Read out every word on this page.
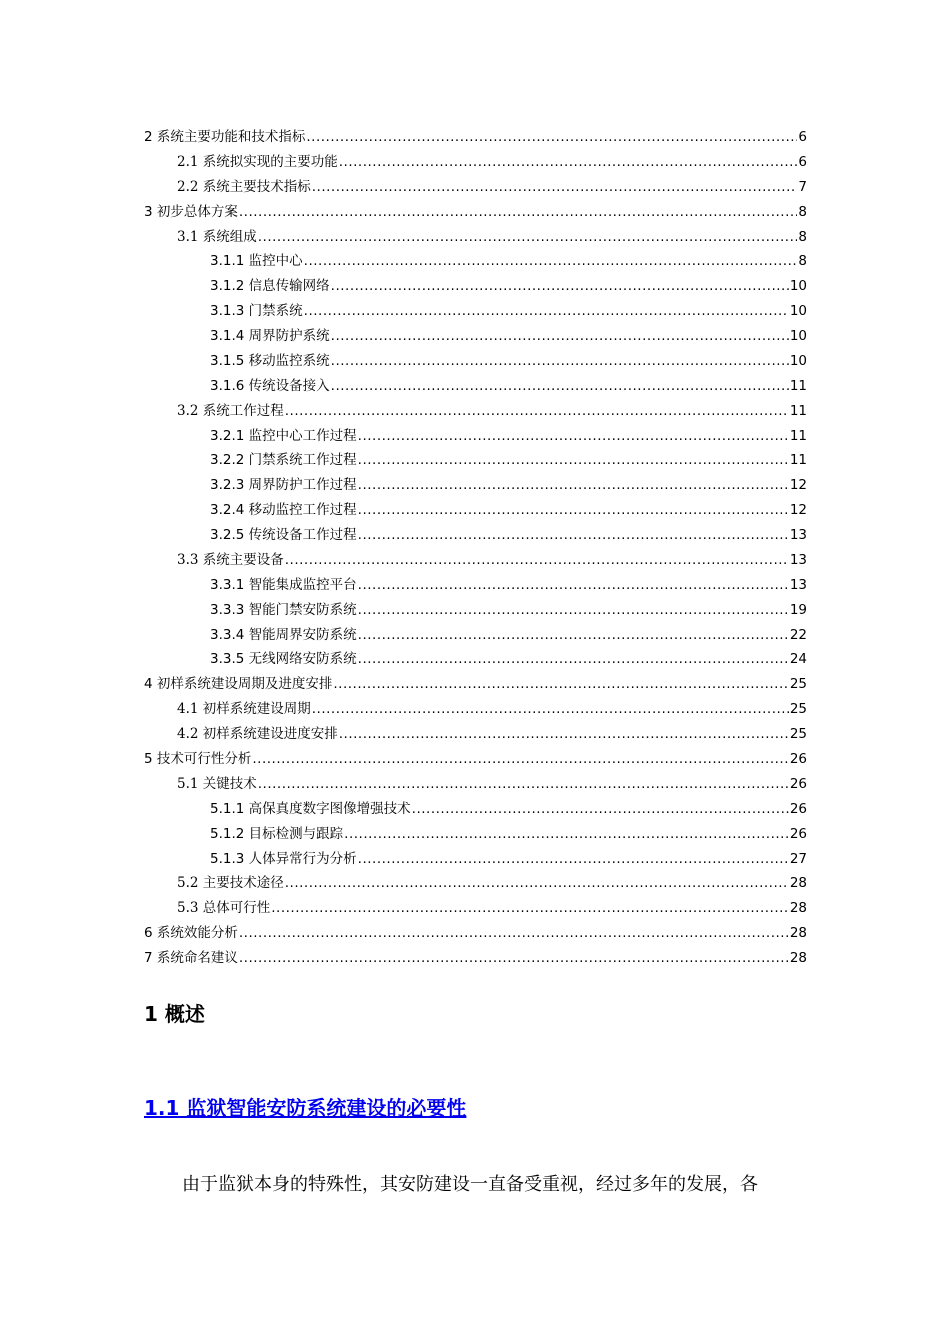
2 系统主要功能和技术指标 .....	6
2.1 系统拟实现的主要功能 .....	6
2.2 系统主要技术指标 .....	7
3 初步总体方案 .....	8
3.1 系统组成 .....	8
3.1.1 监控中心 .....	8
3.1.2 信息传输网络 .....	10
3.1.3 门禁系统 .....	10
3.1.4 周界防护系统 .....	10
3.1.5 移动监控系统 .....	10
3.1.6 传统设备接入 .....	11
3.2 系统工作过程 .....	11
3.2.1 监控中心工作过程 .....	11
3.2.2 门禁系统工作过程 .....	11
3.2.3 周界防护工作过程 .....	12
3.2.4 移动监控工作过程 .....	12
3.2.5 传统设备工作过程 .....	13
3.3 系统主要设备 .....	13
3.3.1 智能集成监控平台 .....	13
3.3.3 智能门禁安防系统 .....	19
3.3.4 智能周界安防系统 .....	22
3.3.5 无线网络安防系统 .....	24
4 初样系统建设周期及进度安排 .....	25
4.1 初样系统建设周期 .....	25
4.2 初样系统建设进度安排 .....	25
5 技术可行性分析 .....	26
5.1 关键技术 .....	26
5.1.1 高保真度数字图像增强技术 .....	26
5.1.2 目标检测与跟踪 .....	26
5.1.3 人体异常行为分析 .....	27
5.2 主要技术途径 .....	28
5.3 总体可行性 .....	28
6 系统效能分析 .....	28
7 系统命名建议 .....	28
1 概述
1.1 监狱智能安防系统建设的必要性

由于监狱本身的特殊性，其安防建设一直备受重视，经过多年的发展，各
